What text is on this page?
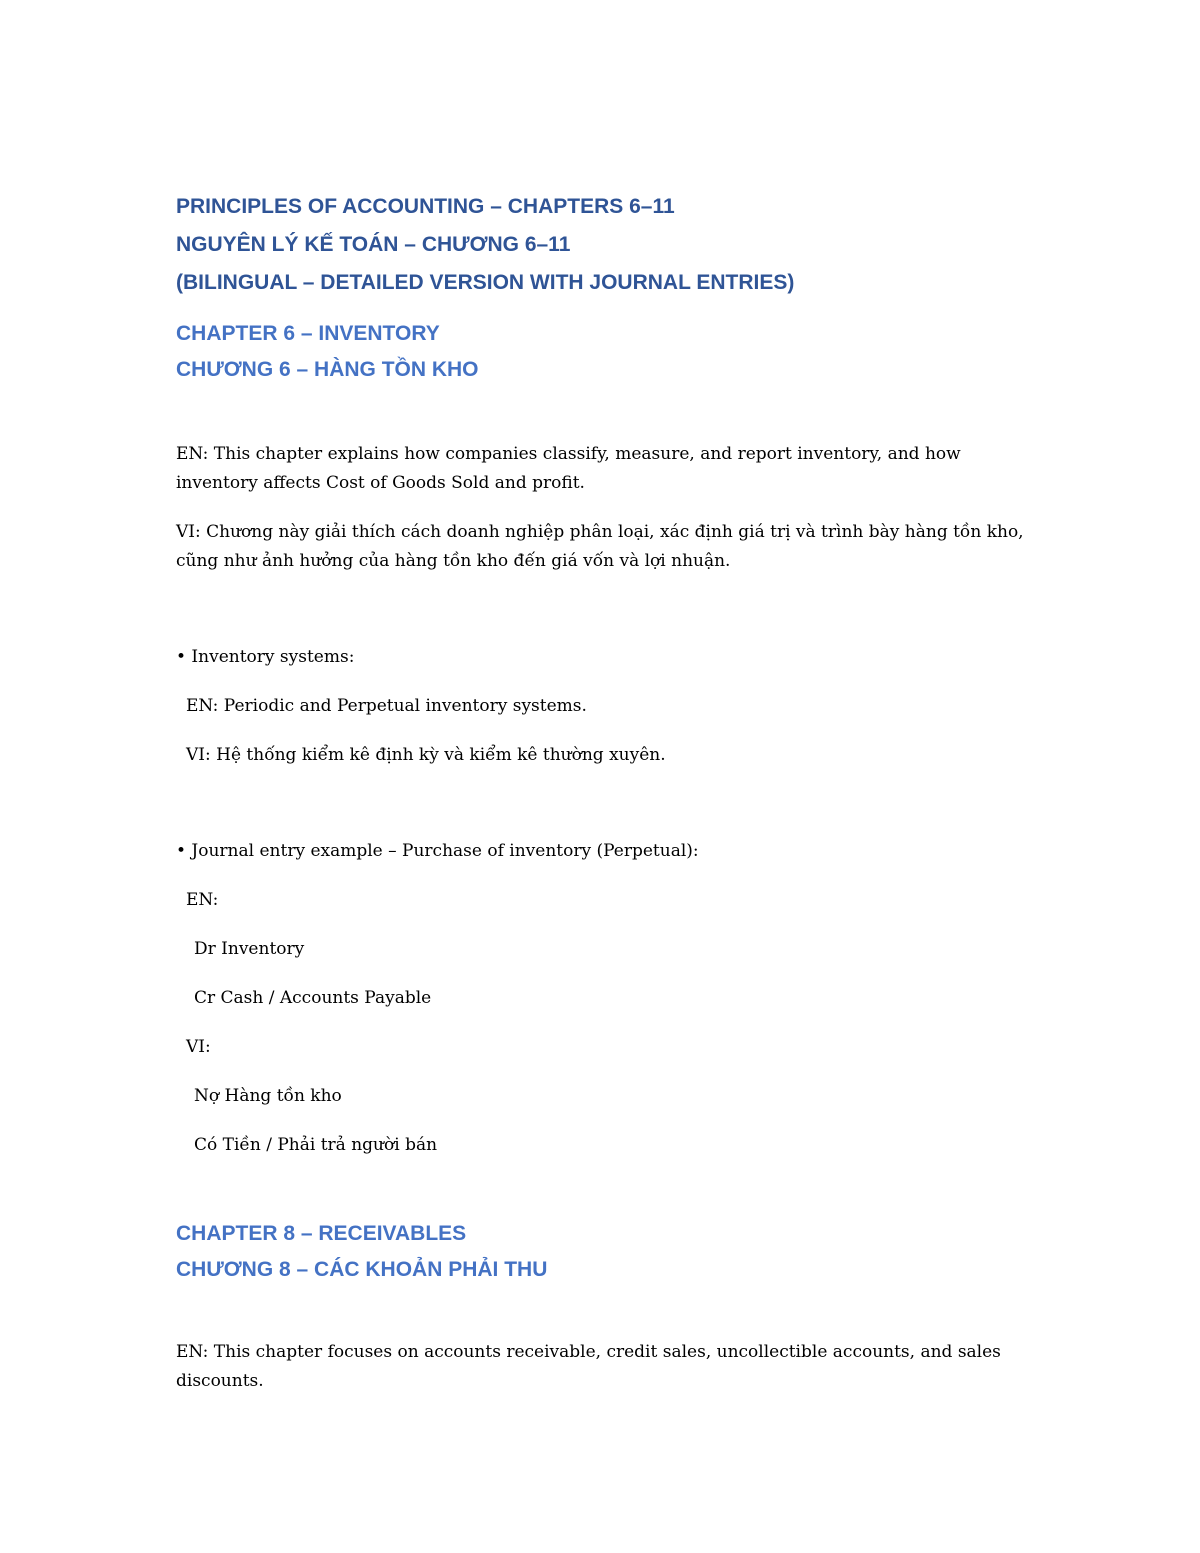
PRINCIPLES OF ACCOUNTING – CHAPTERS 6–11

NGUYÊN LÝ KẾ TOÁN – CHƯƠNG 6–11

(BILINGUAL – DETAILED VERSION WITH JOURNAL ENTRIES)

CHAPTER 6 – INVENTORY

CHƯƠNG 6 – HÀNG TỒN KHO

EN: This chapter explains how companies classify, measure, and report inventory, and how inventory affects Cost of Goods Sold and profit.

VI: Chương này giải thích cách doanh nghiệp phân loại, xác định giá trị và trình bày hàng tồn kho, cũng như ảnh hưởng của hàng tồn kho đến giá vốn và lợi nhuận.

• Inventory systems:

EN: Periodic and Perpetual inventory systems.

VI: Hệ thống kiểm kê định kỳ và kiểm kê thường xuyên.

• Journal entry example – Purchase of inventory (Perpetual):

EN:

Dr Inventory

Cr Cash / Accounts Payable

VI:

Nợ Hàng tồn kho

Có Tiền / Phải trả người bán

CHAPTER 8 – RECEIVABLES

CHƯƠNG 8 – CÁC KHOẢN PHẢI THU

EN: This chapter focuses on accounts receivable, credit sales, uncollectible accounts, and sales discounts.
